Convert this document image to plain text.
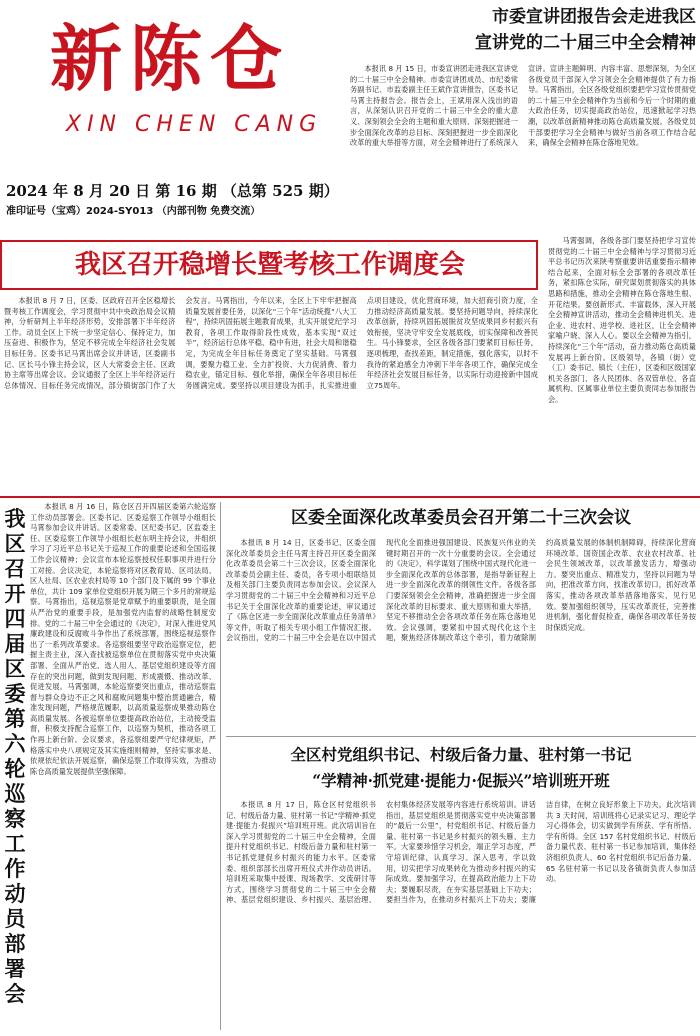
新陈仓
XIN CHEN CANG
2024 年 8 月 20 日 第 16 期 （总第 525 期）
准印证号（宝鸡）2024-SY013 （内部刊物 免费交流）
市委宣讲团报告会走进我区
宣讲党的二十届三中全会精神

本报讯 8 月 15 日，市委宣讲团走进我区宣讲党的二十届三中全会精神。市委宣讲团成员、市纪委常务副书记、市监委副主任王斌作宣讲报告，区委书记马霄主持报告会。报告会上，王斌用深入浅出的语言，从深刻认识召开党的二十届三中全会的重大意义、深刻领会全会的主题和重大原则、深刻把握进一步全面深化改革的总目标、深刻把握进一步全面深化改革的重大举措等方面，对全会精神进行了系统深入宣讲。宣讲主题鲜明、内容丰富、思想深刻，为全区各级党员干部深入学习领会全会精神提供了有力指导。马霄指出，全区各级党组织要把学习宣传贯彻党的二十届三中全会精神作为当前和今后一个时期的重大政治任务，切实提高政治站位，迅速掀起学习热潮，以改革创新精神推动陈仓高质量发展。各级党员干部要把学习全会精神与做好当前各项工作结合起来，确保全会精神在陈仓落地见效。

我区召开稳增长暨考核工作调度会

本报讯 8 月 7 日，区委、区政府召开全区稳增长暨考核工作调度会，学习贯彻中共中央政治局会议精神，分析研判上半年经济形势，安排部署下半年经济工作。动员全区上下统一步坚定信心、保持定力，加压奋进、积极作为，坚定不移完成全年经济社会发展目标任务。区委书记马霄出席会议并讲话，区委副书记、区长马小锋主持会议，区人大常委会主任、区政协主席等出席会议。会议通报了全区上半年经济运行总体情况、目标任务完成情况，部分镇街部门作了大会发言。马霄指出，今年以来，全区上下牢牢把握高质量发展首要任务，以深化“三个年”活动统揽“八大工程”，持续巩固拓展主题教育成果，扎实开展党纪学习教育，各项工作取得阶段性成效，基本实现“双过半”，经济运行总体平稳、稳中有进，社会大局和谐稳定，为完成全年目标任务奠定了坚实基础。马霄强调，要聚力稳工业、全力扩投资、大力促消费、着力稳农业，锚定目标、强化举措，确保全年各项目标任务圆满完成。要坚持以项目建设为抓手，扎实推进重点项目建设，优化营商环境，加大招商引资力度，全力推动经济高质量发展。要坚持问题导向，持续深化改革创新，持续巩固拓展脱贫攻坚成果同乡村振兴有效衔接，坚决守牢安全发展底线，切实保障和改善民生。马小锋要求，全区各级各部门要紧盯目标任务，逐项梳理，查找差距，制定措施，强化落实，以时不我待的紧迫感全力冲刺下半年各项工作，确保完成全年经济社会发展目标任务，以实际行动迎接新中国成立75周年。

马霄强调，各级各部门要坚持把学习宣传贯彻党的二十届三中全会精神与学习贯彻习近平总书记历次来陕考察重要讲话重要指示精神结合起来，全面对标全会部署的各项改革任务，紧扣陈仓实际，研究谋划贯彻落实的具体思路和措施，推动全会精神在陈仓落地生根、开花结果。要创新形式、丰富载体，深入开展全会精神宣讲活动，推动全会精神进机关、进企业、进农村、进学校、进社区，让全会精神家喻户晓、深入人心。要以全会精神为指引，持续深化“三个年”活动，奋力推动陈仓高质量发展再上新台阶。区级领导，各镇（街）党（工）委书记、镇长（主任），区委和区级国家机关各部门、各人民团体、各双管单位、各直属机构、区属事业单位主要负责同志参加报告会。

我区召开四届区委第六轮巡察工作动员部署会

本报讯 8 月 16 日，陈仓区召开四届区委第六轮巡察工作动员部署会。区委书记、区委巡察工作领导小组组长马霄参加会议并讲话。区委常委、区纪委书记、区监委主任、区委巡察工作领导小组组长赵东明主持会议，并组织学习了习近平总书记关于巡视工作的重要论述和全国巡视工作会议精神；会议宣布本轮巡察授权任职事项并进行分工对接。会议决定，本轮巡察将对区教育局、区司法局、区人社局、区农业农村局等 10 个部门及下属的 99 个事业单位，共计 109 家单位党组织开展为期三个多月的常规巡察。马霄指出，巡视巡察是党章赋予的重要职责，是全面从严治党的重要手段，是加强党内监督的战略性制度安排。党的二十届三中全会通过的《决定》，对深入推进党风廉政建设和反腐败斗争作出了系统部署，围绕巡视巡察作出了一系列改革要求。各巡察组要坚守政治巡察定位，把握主责主业，深入查找被巡察单位在贯彻落实党中央决策部署、全面从严治党、选人用人、基层党组织建设等方面存在的突出问题，做到发现问题、形成震慑、推动改革、促进发展。马霄强调，本轮巡察要突出重点，推动巡察监督与群众身边不正之风和腐败问题集中整治贯通融合，精准发现问题，严格规范履职，以高质量巡察成果推动陈仓高质量发展。各被巡察单位要提高政治站位，主动接受监督，积极支持配合巡察工作，以巡察为契机，推动各项工作再上新台阶。会议要求，各巡察组要严守纪律规矩，严格落实中央八项规定及其实施细则精神，坚持实事求是、依规依纪依法开展巡察，确保巡察工作取得实效，为推动陈仓高质量发展提供坚强保障。

区委全面深化改革委员会召开第二十三次会议

本报讯 8 月 14 日，区委书记、区委全面深化改革委员会主任马霄主持召开区委全面深化改革委员会第二十三次会议，区委全面深化改革委员会副主任、委员，各专项小组联络员及相关部门主要负责同志参加会议。会议深入学习贯彻党的二十届三中全会精神和习近平总书记关于全面深化改革的重要论述，审议通过了《陈仓区进一步全面深化改革重点任务清单》等文件，听取了相关专项小组工作情况汇报。会议指出，党的二十届三中全会是在以中国式现代化全面推进强国建设、民族复兴伟业的关键时期召开的一次十分重要的会议。全会通过的《决定》，科学谋划了围绕中国式现代化进一步全面深化改革的总体部署，是指导新征程上进一步全面深化改革的纲领性文件。各级各部门要深刻领会全会精神，准确把握进一步全面深化改革的目标要求、重大原则和重大举措，坚定不移推动全会各项改革任务在陈仓落地见效。会议强调，要紧扣中国式现代化这个主题，聚焦经济体制改革这个牵引，着力破除制约高质量发展的体制机制障碍，持续深化营商环境改革、国资国企改革、农业农村改革、社会民生领域改革，以改革激发活力、增强动力。要突出重点、精准发力，坚持以问题为导向，把准改革方向，找准改革切口，抓好改革落实，推动各项改革举措落地落实、见行见效。要加强组织领导，压实改革责任，完善推进机制，强化督促检查，确保各项改革任务按时保质完成。

全区村党组织书记、村级后备力量、驻村第一书记
“学精神·抓党建·提能力·促振兴”培训班开班

本报讯 8 月 17 日，陈仓区村党组织书记、村级后备力量、驻村第一书记“学精神·抓党建·提能力·促振兴”培训班开班。此次培训旨在深入学习贯彻党的二十届三中全会精神，全面提升村党组织书记、村级后备力量和驻村第一书记抓党建促乡村振兴的能力水平。区委常委、组织部部长出席开班仪式并作动员讲话。培训班采取集中授课、现场教学、交流研讨等方式，围绕学习贯彻党的二十届三中全会精神、基层党组织建设、乡村振兴、基层治理、农村集体经济发展等内容进行系统培训。讲话指出，基层党组织是贯彻落实党中央决策部署的“最后一公里”，村党组织书记、村级后备力量、驻村第一书记是乡村振兴的领头雁、主力军。大家要珍惜学习机会，端正学习态度，严守培训纪律，认真学习、深入思考、学以致用，切实把学习成果转化为推动乡村振兴的实际成效。要加强学习，在提高政治能力上下功夫；要履职尽责，在夯实基层基础上下功夫；要担当作为，在推动乡村振兴上下功夫；要廉洁自律，在树立良好形象上下功夫。此次培训共 3 天时间，培训班将心记录实记习、理论学习心得体会，切实做到学有所获、学有所悟、学有所得。全区 157 名村党组织书记、村级后备力量代表、驻村第一书记参加培训，集体经济组织负责人、60 名村党组织书记后备力量、65 名驻村第一书记以及各镇街负责人参加活动。
